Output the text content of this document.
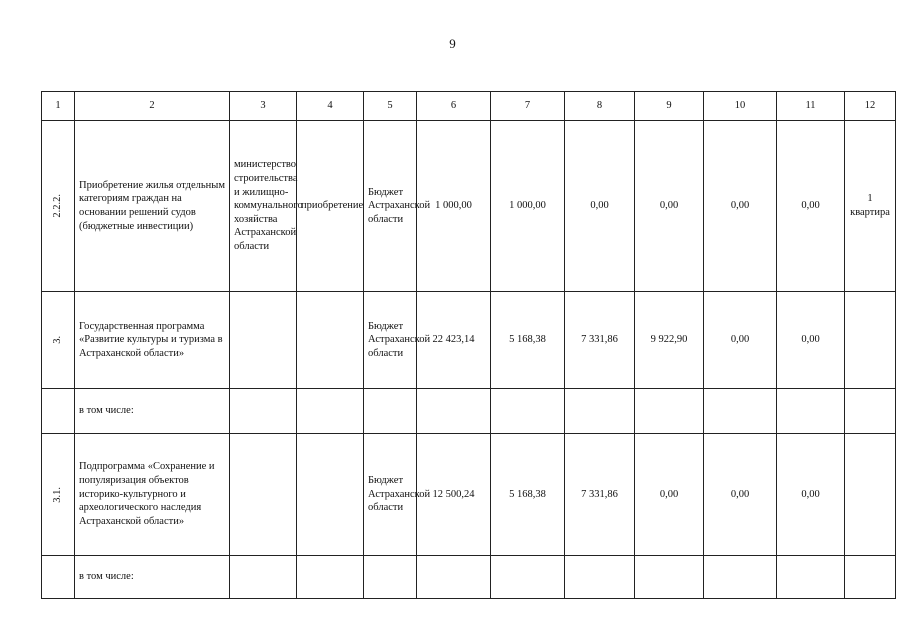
9
1	2	3	4	5	6	7	8	9	10	11	12
2.2.2.	Приобретение жилья отдельным категориям граждан на основании решений судов (бюджетные инвестиции)	министерство строительства и жилищно-коммунального хозяйства Астраханской области	приобретение	Бюджет Астраханской области	1 000,00	1 000,00	0,00	0,00	0,00	0,00	1 квартира
3.	Государственная программа «Развитие культуры и туризма в Астраханской области»			Бюджет Астраханской области	22 423,14	5 168,38	7 331,86	9 922,90	0,00	0,00	
	в том числе:										
3.1.	Подпрограмма «Сохранение и популяризация объектов историко-культурного и археологического наследия Астраханской области»			Бюджет Астраханской области	12 500,24	5 168,38	7 331,86	0,00	0,00	0,00	
	в том числе:										
